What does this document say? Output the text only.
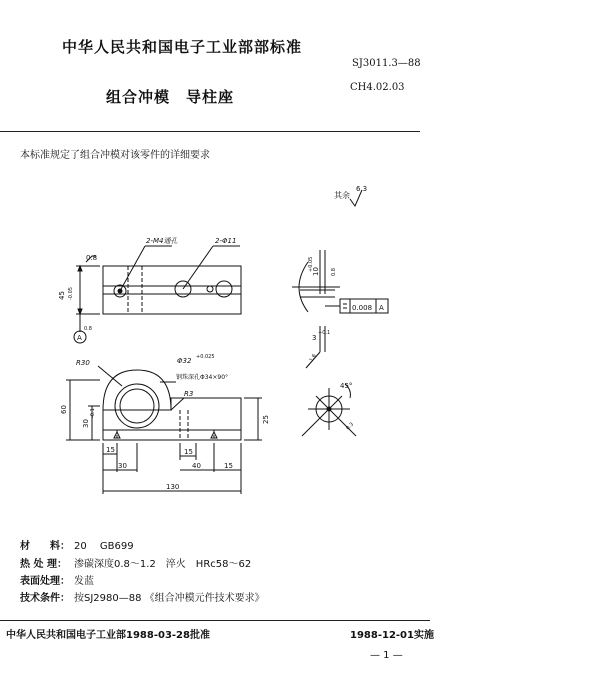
中华人民共和国电子工业部部标准
SJ3011.3—88
组合冲模　导柱座
CH4.02.03
本标准规定了组合冲模对该零件的详细要求
其余
6.3
2-M4通孔	2-Φ11
0.8
45 -0.05
A
0.8
10
+0.05
0.8
0.008 A
3
+0.1
1.6
R30	Φ32 +0.025
钢珠深孔Φ34×90°
R3
60
30
-0.1
25
15
30
15
40	15
130
45°
0.3
材　　料： 20　 GB699
热 处 理： 渗碳深度0.8～1.2　淬火　HRc58～62
表面处理： 发蓝
技术条件： 按SJ2980—88 《组合冲模元件技术要求》
中华人民共和国电子工业部1988-03-28批准	1988-12-01实施
— 1 —
